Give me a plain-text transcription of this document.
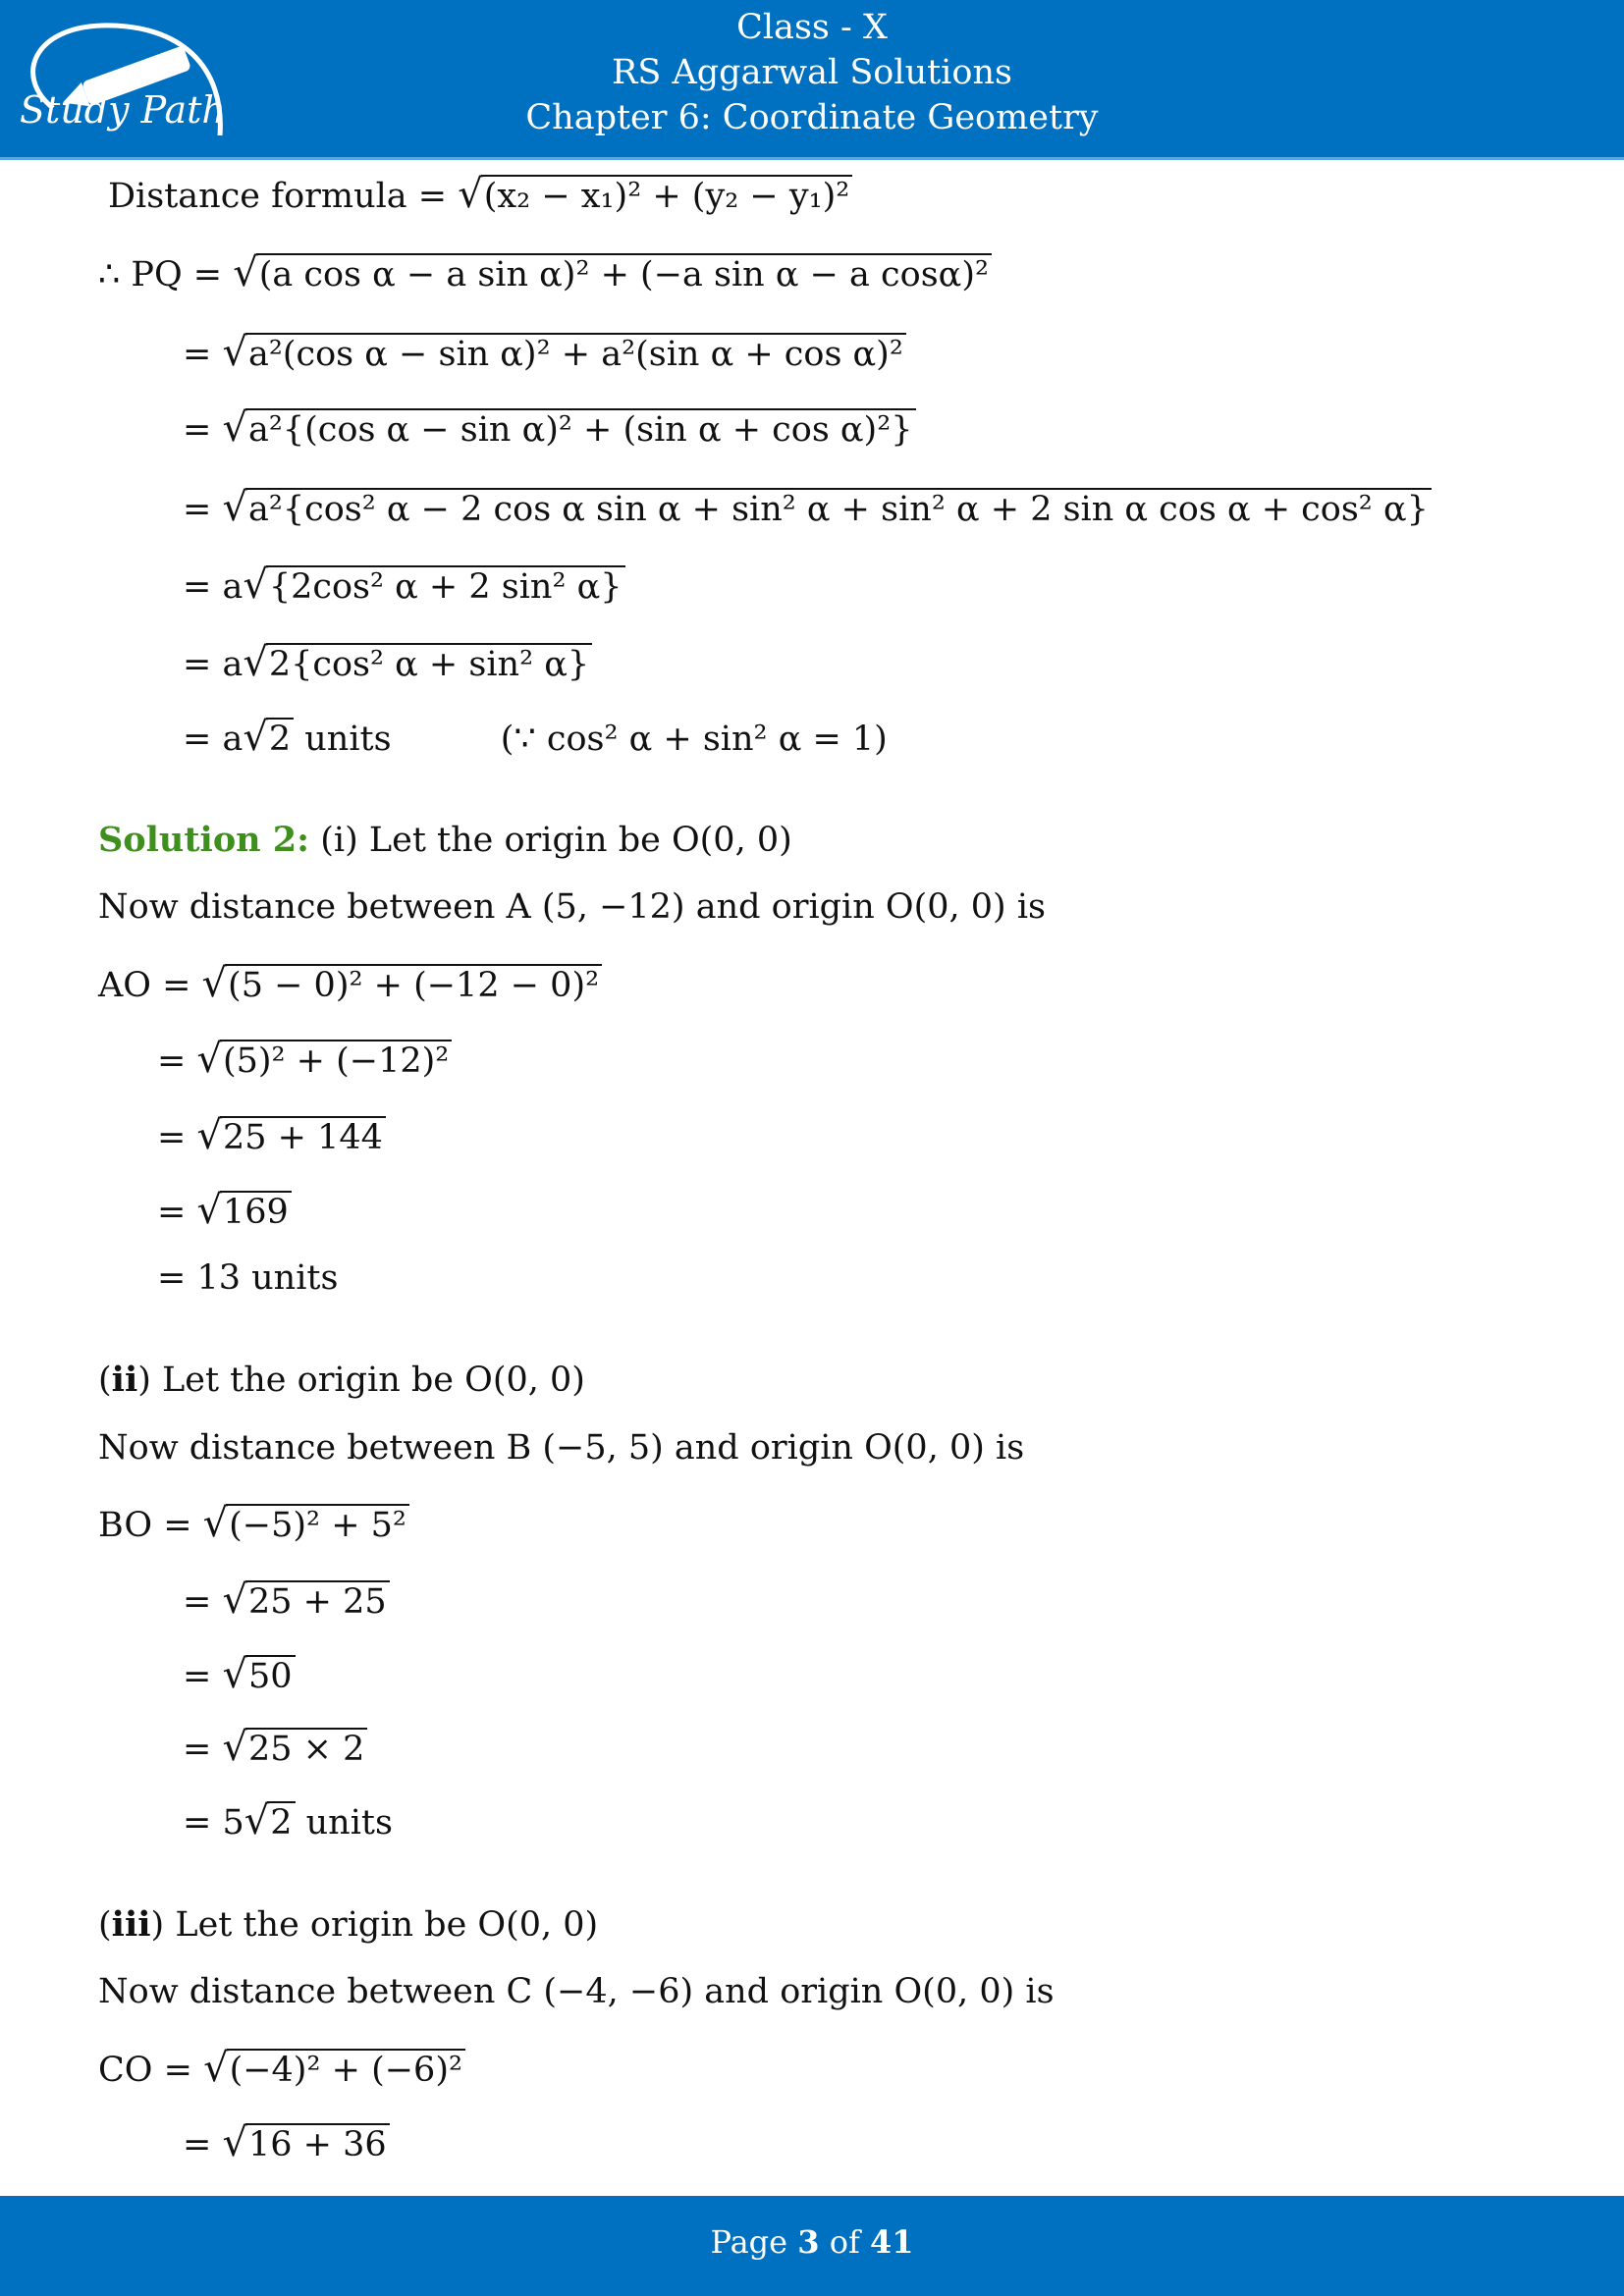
Study Path
Class - X
RS Aggarwal Solutions
Chapter 6: Coordinate Geometry
Distance formula = √(x₂ − x₁)² + (y₂ − y₁)²
∴ PQ = √(a cos α − a sin α)² + (−a sin α − a cosα)²
= √a²(cos α − sin α)² + a²(sin α + cos α)²
= √a²{(cos α − sin α)² + (sin α + cos α)²}
= √a²{cos² α − 2 cos α sin α + sin² α + sin² α + 2 sin α cos α + cos² α}
= a√{2cos² α + 2 sin² α}
= a√2{cos² α + sin² α}
= a√2 units          (∵ cos² α + sin² α = 1)
Solution 2: (i) Let the origin be O(0, 0)
Now distance between A (5, −12) and origin O(0, 0) is
AO = √(5 − 0)² + (−12 − 0)²
= √(5)² + (−12)²
= √25 + 144
= √169
= 13 units
(ii) Let the origin be O(0, 0)
Now distance between B (−5, 5) and origin O(0, 0) is
BO = √(−5)² + 5²
= √25 + 25
= √50
= √25 × 2
= 5√2 units
(iii) Let the origin be O(0, 0)
Now distance between C (−4, −6) and origin O(0, 0) is
CO = √(−4)² + (−6)²
= √16 + 36
Page 3 of 41
